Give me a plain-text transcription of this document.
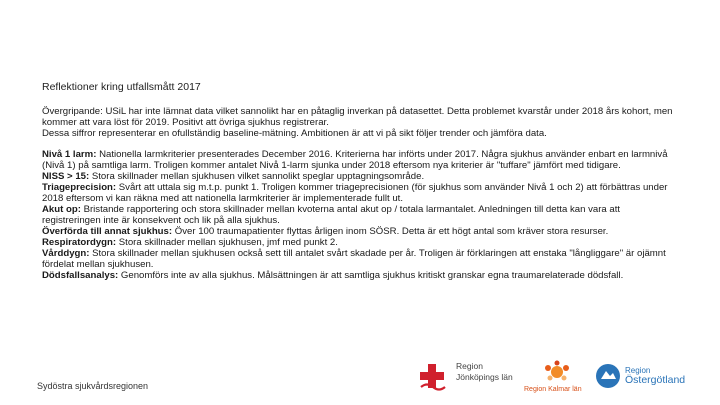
Reflektioner kring utfallsmått 2017

Övergripande: USiL har inte lämnat data vilket sannolikt har en påtaglig inverkan på datasettet. Detta problemet kvarstår under 2018 års kohort, men kommer att vara löst för 2019. Positivt att övriga sjukhus registrerar.

Dessa siffror representerar en ofullständig baseline-mätning. Ambitionen är att vi på sikt följer trender och jämföra data.

Nivå 1 larm: Nationella larmkriterier presenterades December 2016. Kriterierna har införts under 2017. Några sjukhus använder enbart en larmnivå (Nivå 1) på samtliga larm. Troligen kommer antalet Nivå 1-larm sjunka under 2018 eftersom nya kriterier är "tuffare" jämfört med tidigare.

NISS > 15: Stora skillnader mellan sjukhusen vilket sannolikt speglar upptagningsområde.

Triageprecision: Svårt att uttala sig m.t.p. punkt 1. Troligen kommer triageprecisionen (för sjukhus som använder Nivå 1 och 2) att förbättras under 2018 eftersom vi kan räkna med att nationella larmkriterier är implementerade fullt ut.

Akut op: Bristande rapportering och stora skillnader mellan kvoterna antal akut op / totala larmantalet. Anledningen till detta kan vara att registreringen inte är konsekvent och lik på alla sjukhus.

Överförda till annat sjukhus: Över 100 traumapatienter flyttas årligen inom SÖSR. Detta är ett högt antal som kräver stora resurser.

Respiratordygn: Stora skillnader mellan sjukhusen, jmf med punkt 2.

Vårddygn: Stora skillnader mellan sjukhusen också sett till antalet svårt skadade per år. Troligen är förklaringen att enstaka "långliggare" är ojämnt fördelat mellan sjukhusen.

Dödsfallsanalys: Genomförs inte av alla sjukhus. Målsättningen är att samtliga sjukhus kritiskt granskar egna traumarelaterade dödsfall.

Sydöstra sjukvårdsregionen
Region
Jönköpings län
Region Kalmar län
Region
Östergötland
